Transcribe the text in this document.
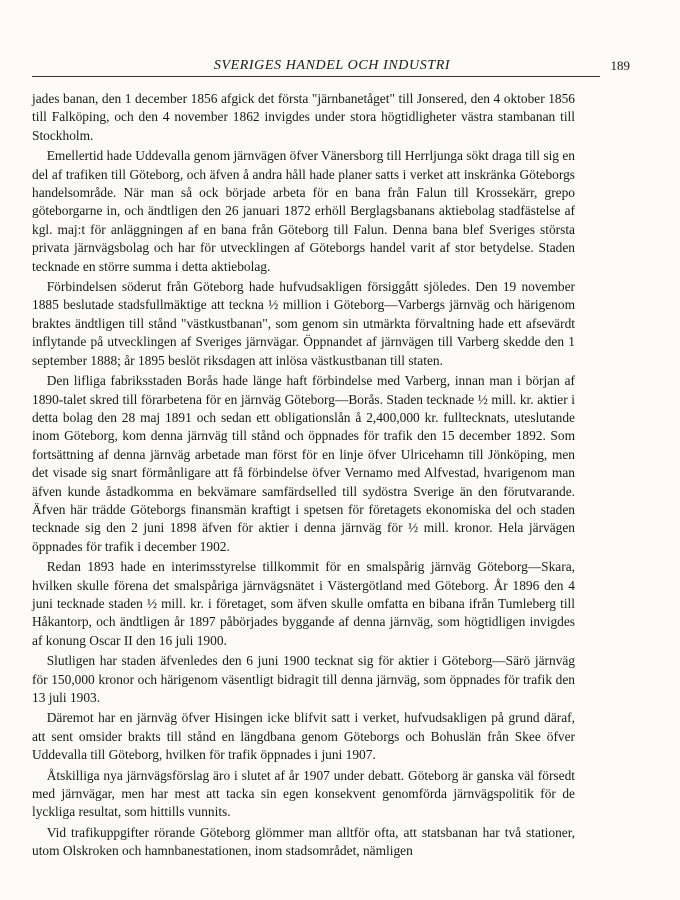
SVERIGES HANDEL OCH INDUSTRI	189

jades banan, den 1 december 1856 afgick det första "järnbanetåget" till Jonsered, den 4 oktober 1856 till Falköping, och den 4 november 1862 invigdes under stora högtidligheter västra stambanan till Stockholm.

Emellertid hade Uddevalla genom järnvägen öfver Vänersborg till Herrljunga sökt draga till sig en del af trafiken till Göteborg, och äfven å andra håll hade planer satts i verket att inskränka Göteborgs handelsområde. När man så ock började arbeta för en bana från Falun till Krossekärr, grepo göteborgarne in, och ändtligen den 26 januari 1872 erhöll Berglagsbanans aktiebolag stadfästelse af kgl. maj:t för anläggningen af en bana från Göteborg till Falun. Denna bana blef Sveriges största privata järnvägsbolag och har för utvecklingen af Göteborgs handel varit af stor betydelse. Staden tecknade en större summa i detta aktiebolag.

Förbindelsen söderut från Göteborg hade hufvudsakligen försiggått sjöledes. Den 19 november 1885 beslutade stadsfullmäktige att teckna ½ million i Göteborg—Varbergs järnväg och härigenom braktes ändtligen till stånd "västkustbanan", som genom sin utmärkta förvaltning hade ett afsevärdt inflytande på utvecklingen af Sveriges järnvägar. Öppnandet af järnvägen till Varberg skedde den 1 september 1888; år 1895 beslöt riksdagen att inlösa västkustbanan till staten.

Den lifliga fabriksstaden Borås hade länge haft förbindelse med Varberg, innan man i början af 1890-talet skred till förarbetena för en järnväg Göteborg—Borås. Staden tecknade ½ mill. kr. aktier i detta bolag den 28 maj 1891 och sedan ett obligationslån å 2,400,000 kr. fulltecknats, uteslutande inom Göteborg, kom denna järnväg till stånd och öppnades för trafik den 15 december 1892. Som fortsättning af denna järnväg arbetade man först för en linje öfver Ulricehamn till Jönköping, men det visade sig snart förmånligare att få förbindelse öfver Vernamo med Alfvestad, hvarigenom man äfven kunde åstadkomma en bekvämare samfärdselled till sydöstra Sverige än den förutvarande. Äfven här trädde Göteborgs finansmän kraftigt i spetsen för företagets ekonomiska del och staden tecknade sig den 2 juni 1898 äfven för aktier i denna järnväg för ½ mill. kronor. Hela järvägen öppnades för trafik i december 1902.

Redan 1893 hade en interimsstyrelse tillkommit för en smalspårig järnväg Göteborg—Skara, hvilken skulle förena det smalspåriga järnvägsnätet i Västergötland med Göteborg. År 1896 den 4 juni tecknade staden ½ mill. kr. i företaget, som äfven skulle omfatta en bibana ifrån Tumleberg till Håkantorp, och ändtligen år 1897 påbörjades byggande af denna järnväg, som högtidligen invigdes af konung Oscar II den 16 juli 1900.

Slutligen har staden äfvenledes den 6 juni 1900 tecknat sig för aktier i Göteborg—Särö järnväg för 150,000 kronor och härigenom väsentligt bidragit till denna järnväg, som öppnades för trafik den 13 juli 1903.

Däremot har en järnväg öfver Hisingen icke blifvit satt i verket, hufvudsakligen på grund däraf, att sent omsider brakts till stånd en längdbana genom Göteborgs och Bohuslän från Skee öfver Uddevalla till Göteborg, hvilken för trafik öppnades i juni 1907.

Åtskilliga nya järnvägsförslag äro i slutet af år 1907 under debatt. Göteborg är ganska väl försedt med järnvägar, men har mest att tacka sin egen konsekvent genomförda järnvägspolitik för de lyckliga resultat, som hittills vunnits.

Vid trafikuppgifter rörande Göteborg glömmer man alltför ofta, att statsbanan har två stationer, utom Olskroken och hamnbanestationen, inom stadsområdet, nämligen
